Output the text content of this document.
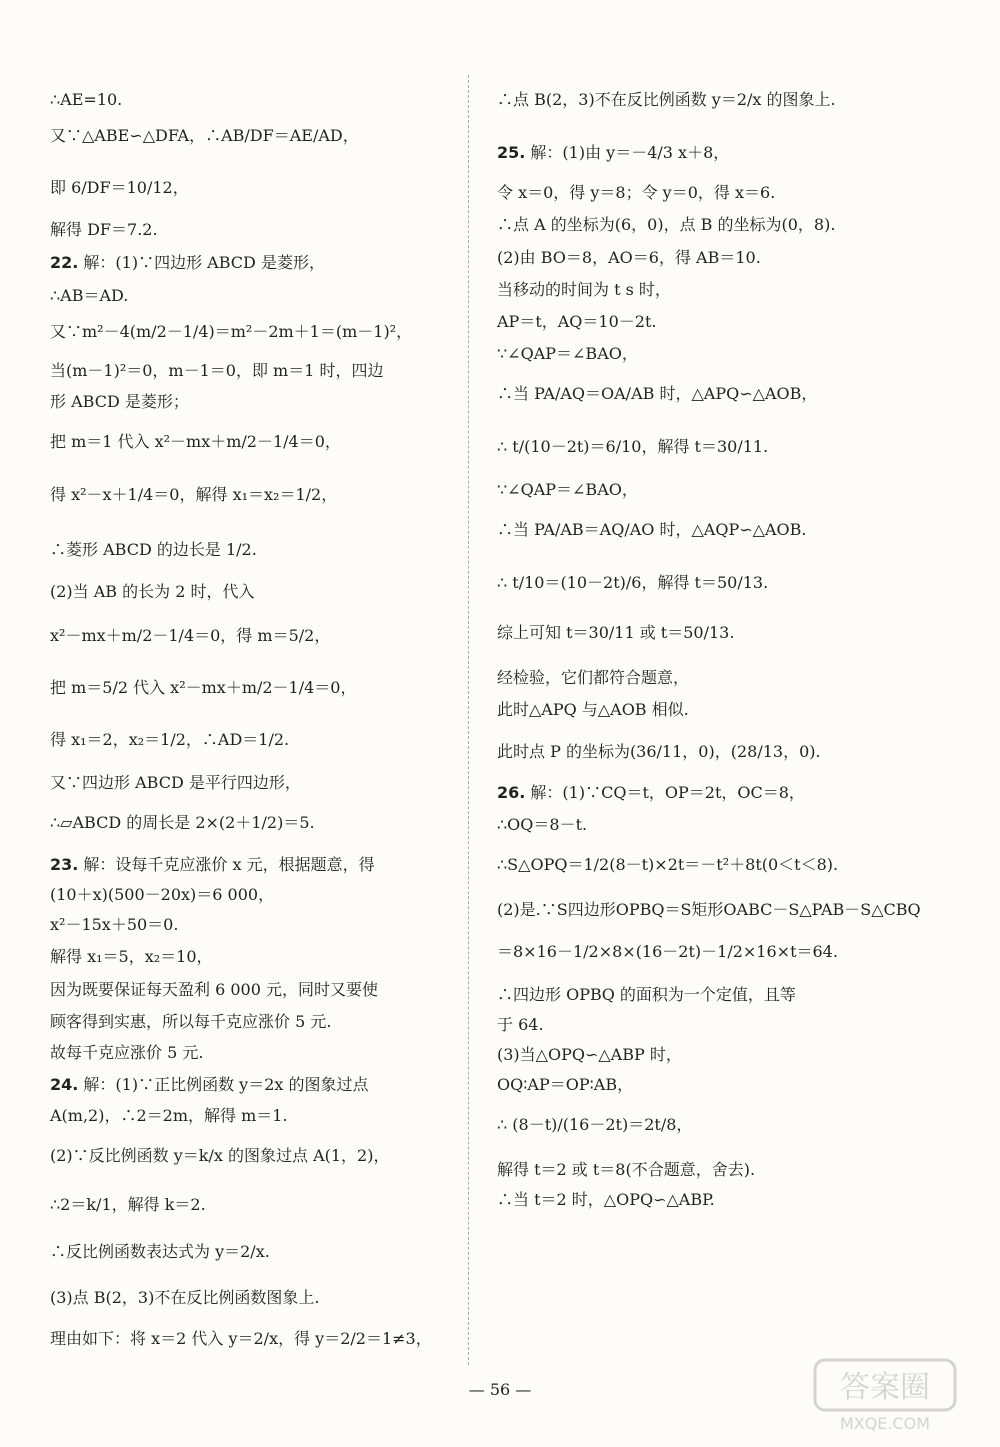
∴AE=10.
又∵△ABE∽△DFA，∴AB/DF＝AE/AD，
即 6/DF＝10/12，
解得 DF＝7.2.
22. 解：(1)∵四边形 ABCD 是菱形，
∴AB＝AD.
又∵m²－4(m/2－1/4)＝m²－2m＋1＝(m－1)²，
当(m－1)²＝0，m－1＝0，即 m＝1 时，四边
形 ABCD 是菱形；
把 m＝1 代入 x²－mx＋m/2－1/4＝0，
得 x²－x＋1/4＝0，解得 x₁＝x₂＝1/2，
∴菱形 ABCD 的边长是 1/2.
(2)当 AB 的长为 2 时，代入
x²－mx＋m/2－1/4＝0，得 m＝5/2，
把 m＝5/2 代入 x²－mx＋m/2－1/4＝0，
得 x₁＝2，x₂＝1/2，∴AD＝1/2.
又∵四边形 ABCD 是平行四边形，
∴▱ABCD 的周长是 2×(2＋1/2)＝5.
23. 解：设每千克应涨价 x 元，根据题意，得
(10＋x)(500－20x)＝6 000，
x²－15x＋50＝0.
解得 x₁＝5，x₂＝10，
因为既要保证每天盈利 6 000 元，同时又要使
顾客得到实惠，所以每千克应涨价 5 元.
故每千克应涨价 5 元.
24. 解：(1)∵正比例函数 y＝2x 的图象过点
A(m,2)，∴2＝2m，解得 m＝1.
(2)∵反比例函数 y＝k/x 的图象过点 A(1，2)，
∴2＝k/1，解得 k＝2.
∴反比例函数表达式为 y＝2/x.
(3)点 B(2，3)不在反比例函数图象上.
理由如下：将 x＝2 代入 y＝2/x，得 y＝2/2＝1≠3，
∴点 B(2，3)不在反比例函数 y＝2/x 的图象上.
25. 解：(1)由 y＝－4/3 x＋8，
令 x＝0，得 y＝8；令 y＝0，得 x＝6.
∴点 A 的坐标为(6，0)，点 B 的坐标为(0，8).
(2)由 BO＝8，AO＝6，得 AB＝10.
当移动的时间为 t s 时，
AP＝t，AQ＝10－2t.
∵∠QAP＝∠BAO，
∴当 PA/AQ＝OA/AB 时，△APQ∽△AOB，
∴ t/(10－2t)＝6/10，解得 t＝30/11.
∵∠QAP＝∠BAO，
∴当 PA/AB＝AQ/AO 时，△AQP∽△AOB.
∴ t/10＝(10－2t)/6，解得 t＝50/13.
综上可知 t＝30/11 或 t＝50/13.
经检验，它们都符合题意，
此时△APQ 与△AOB 相似.
此时点 P 的坐标为(36/11，0)，(28/13，0).
26. 解：(1)∵CQ＝t，OP＝2t，OC＝8，
∴OQ＝8－t.
∴S△OPQ＝1/2(8－t)×2t＝－t²＋8t(0＜t＜8).
(2)是.∵S四边形OPBQ＝S矩形OABC－S△PAB－S△CBQ
＝8×16－1/2×8×(16－2t)－1/2×16×t＝64.
∴四边形 OPBQ 的面积为一个定值，且等
于 64.
(3)当△OPQ∽△ABP 时，
OQ∶AP＝OP∶AB，
∴ (8－t)/(16－2t)＝2t/8，
解得 t＝2 或 t＝8(不合题意，舍去).
∴当 t＝2 时，△OPQ∽△ABP.
— 56 —	答案圈
MXQE.COM
